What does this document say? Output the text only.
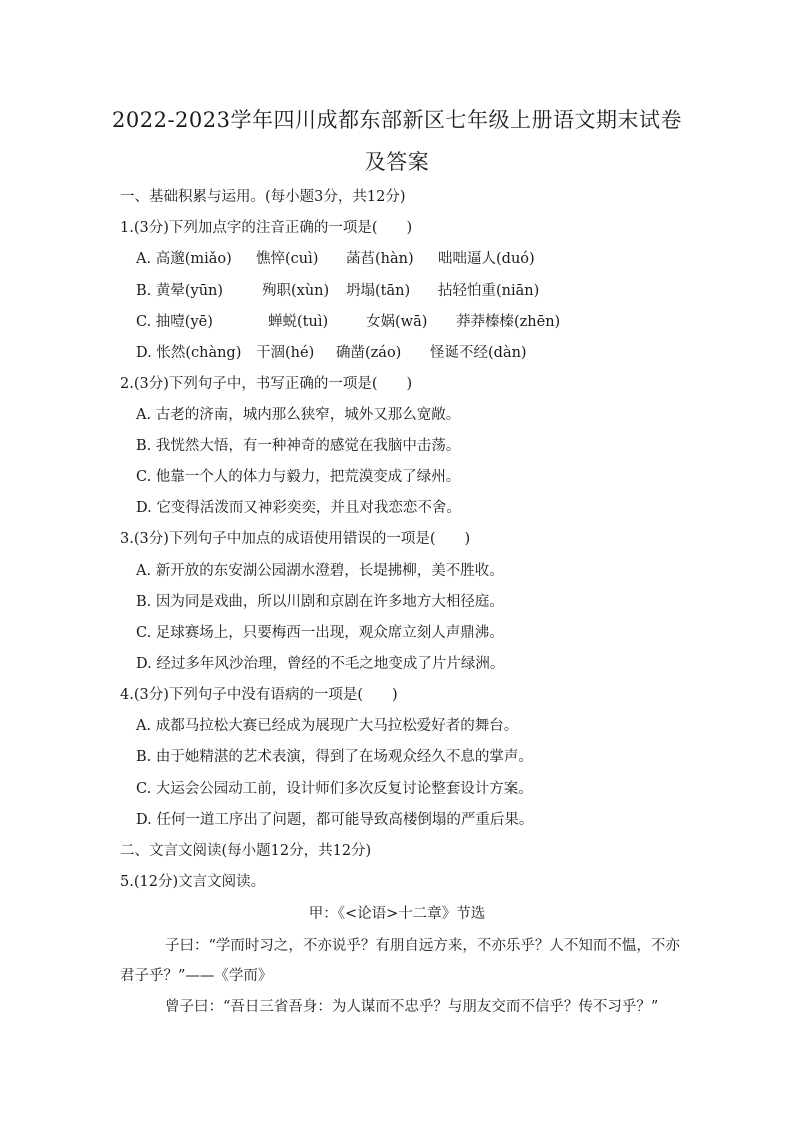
2022-2023学年四川成都东部新区七年级上册语文期末试卷
及答案
一、基础积累与运用。(每小题3分，共12分)
1.(3分)下列加点字的注音正确的一项是(　　)
A. 高邈(miǎo) 憔悴(cuì) 菡萏(hàn) 咄咄逼人(duó)
B. 黄晕(yūn)	殉职(xùn) 坍塌(tān) 拈轻怕重(niān)
C. 抽噎(yē)	蝉蜕(tuì)	女娲(wā) 莽莽榛榛(zhēn)
D. 怅然(chàng) 干涸(hé) 确凿(záo) 怪诞不经(dàn)
2.(3分)下列句子中，书写正确的一项是(　　)
A. 古老的济南，城内那么狭窄，城外又那么宽敞。
B. 我恍然大悟，有一种神奇的感觉在我脑中击荡。
C. 他靠一个人的体力与毅力，把荒漠变成了绿州。
D. 它变得活泼而又神彩奕奕，并且对我恋恋不舍。
3.(3分)下列句子中加点的成语使用错误的一项是(　　)
A. 新开放的东安湖公园湖水澄碧，长堤拂柳，美不胜收。
B. 因为同是戏曲，所以川剧和京剧在许多地方大相径庭。
C. 足球赛场上，只要梅西一出现，观众席立刻人声鼎沸。
D. 经过多年风沙治理，曾经的不毛之地变成了片片绿洲。
4.(3分)下列句子中没有语病的一项是(　　)
A. 成都马拉松大赛已经成为展现广大马拉松爱好者的舞台。
B. 由于她精湛的艺术表演，得到了在场观众经久不息的掌声。
C. 大运会公园动工前，设计师们多次反复讨论整套设计方案。
D. 任何一道工序出了问题，都可能导致高楼倒塌的严重后果。
二、文言文阅读(每小题12分，共12分)
5.(12分)文言文阅读。
甲：《<论语>十二章》节选
子曰：“学而时习之，不亦说乎？有朋自远方来，不亦乐乎？人不知而不愠，不亦
君子乎？”——《学而》
曾子曰：“吾日三省吾身：为人谋而不忠乎？与朋友交而不信乎？传不习乎？”
